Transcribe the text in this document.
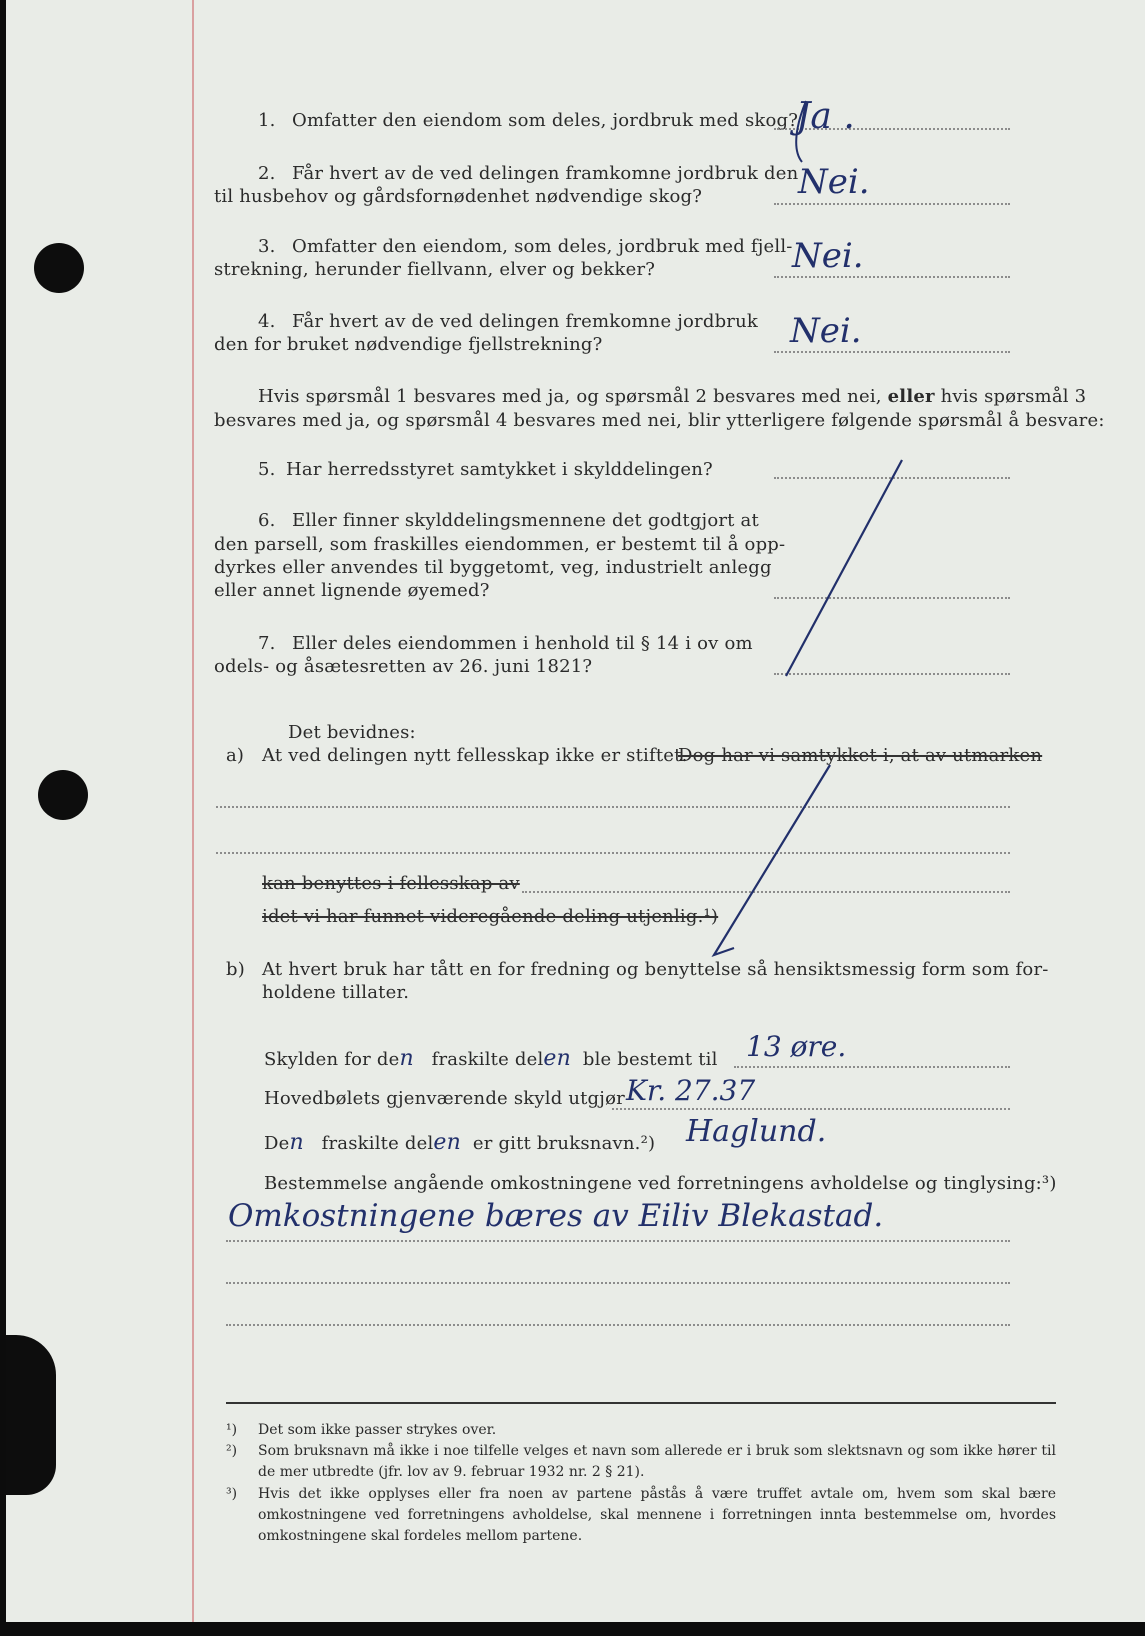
1. Omfatter den eiendom som deles, jordbruk med skog?
Ja .
2. Får hvert av de ved delingen framkomne jordbruk den
til husbehov og gårdsfornødenhet nødvendige skog?	Nei.
3. Omfatter den eiendom, som deles, jordbruk med fjell-
strekning, herunder fiellvann, elver og bekker?	Nei.
4. Får hvert av de ved delingen fremkomne jordbruk
den for bruket nødvendige fjellstrekning?	Nei.
Hvis spørsmål 1 besvares med ja, og spørsmål 2 besvares med nei, eller hvis spørsmål 3
besvares med ja, og spørsmål 4 besvares med nei, blir ytterligere følgende spørsmål å besvare:
5. Har herredsstyret samtykket i skylddelingen?
6. Eller finner skylddelingsmennene det godtgjort at
den parsell, som fraskilles eiendommen, er bestemt til å opp-
dyrkes eller anvendes til byggetomt, veg, industrielt anlegg
eller annet lignende øyemed?
7. Eller deles eiendommen i henhold til § 14 i ov om
odels- og åsætesretten av 26. juni 1821?
Det bevidnes:
a) At ved delingen nytt fellesskap ikke er stiftet.
Dog har vi samtykket i, at av utmarken
kan benyttes i fellesskap av
idet vi har funnet videregående deling utjenlig.¹)
b) At hvert bruk har tått en for fredning og benyttelse så hensiktsmessig form som for-
holdene tillater.
Skylden for den fraskilte delen ble bestemt til 13 øre.
Hovedbølets gjenværende skyld utgjør Kr. 27.37
Den fraskilte delen er gitt bruksnavn.²) Haglund.
Bestemmelse angående omkostningene ved forretningens avholdelse og tinglysing:³)
Omkostningene bæres av Eiliv Blekastad.
¹)	Det som ikke passer strykes over.
²)	Som bruksnavn må ikke i noe tilfelle velges et navn som allerede er i bruk som slektsnavn og som ikke hører til de mer utbredte (jfr. lov av 9. februar 1932 nr. 2 § 21).
³)	Hvis det ikke opplyses eller fra noen av partene påstås å være truffet avtale om, hvem som skal bære omkostningene ved forretningens avholdelse, skal mennene i forretningen innta bestemmelse om, hvordes omkostningene skal fordeles mellom partene.
